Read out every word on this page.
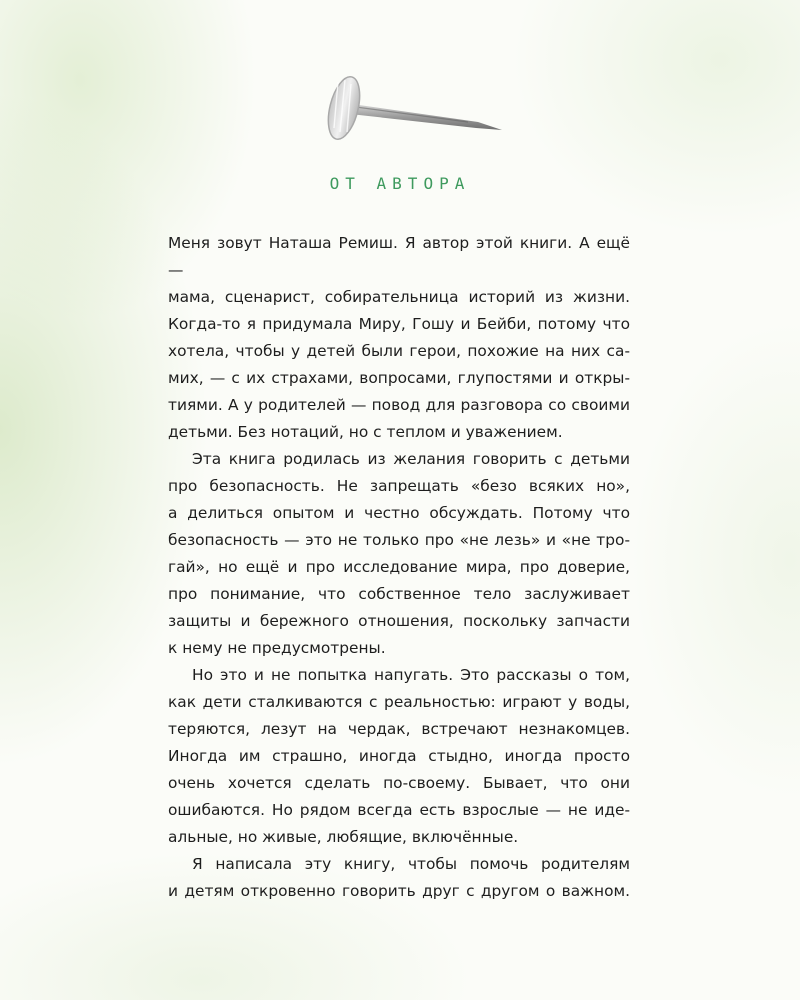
ОТ АВТОРА

Меня зовут Наташа Ремиш. Я автор этой книги. А ещё —

мама, сценарист, собирательница историй из жизни.

Когда-то я придумала Миру, Гошу и Бейби, потому что

хотела, чтобы у детей были герои, похожие на них са-

мих, — с их страхами, вопросами, глупостями и откры-

тиями. А у родителей — повод для разговора со своими

детьми. Без нотаций, но с теплом и уважением.

Эта книга родилась из желания говорить с детьми

про безопасность. Не запрещать «безо всяких но»,

а делиться опытом и честно обсуждать. Потому что

безопасность — это не только про «не лезь» и «не тро-

гай», но ещё и про исследование мира, про доверие,

про понимание, что собственное тело заслуживает

защиты и бережного отношения, поскольку запчасти

к нему не предусмотрены.

Но это и не попытка напугать. Это рассказы о том,

как дети сталкиваются с реальностью: играют у воды,

теряются, лезут на чердак, встречают незнакомцев.

Иногда им страшно, иногда стыдно, иногда просто

очень хочется сделать по-своему. Бывает, что они

ошибаются. Но рядом всегда есть взрослые — не иде-

альные, но живые, любящие, включённые.

Я написала эту книгу, чтобы помочь родителям

и детям откровенно говорить друг с другом о важном.
